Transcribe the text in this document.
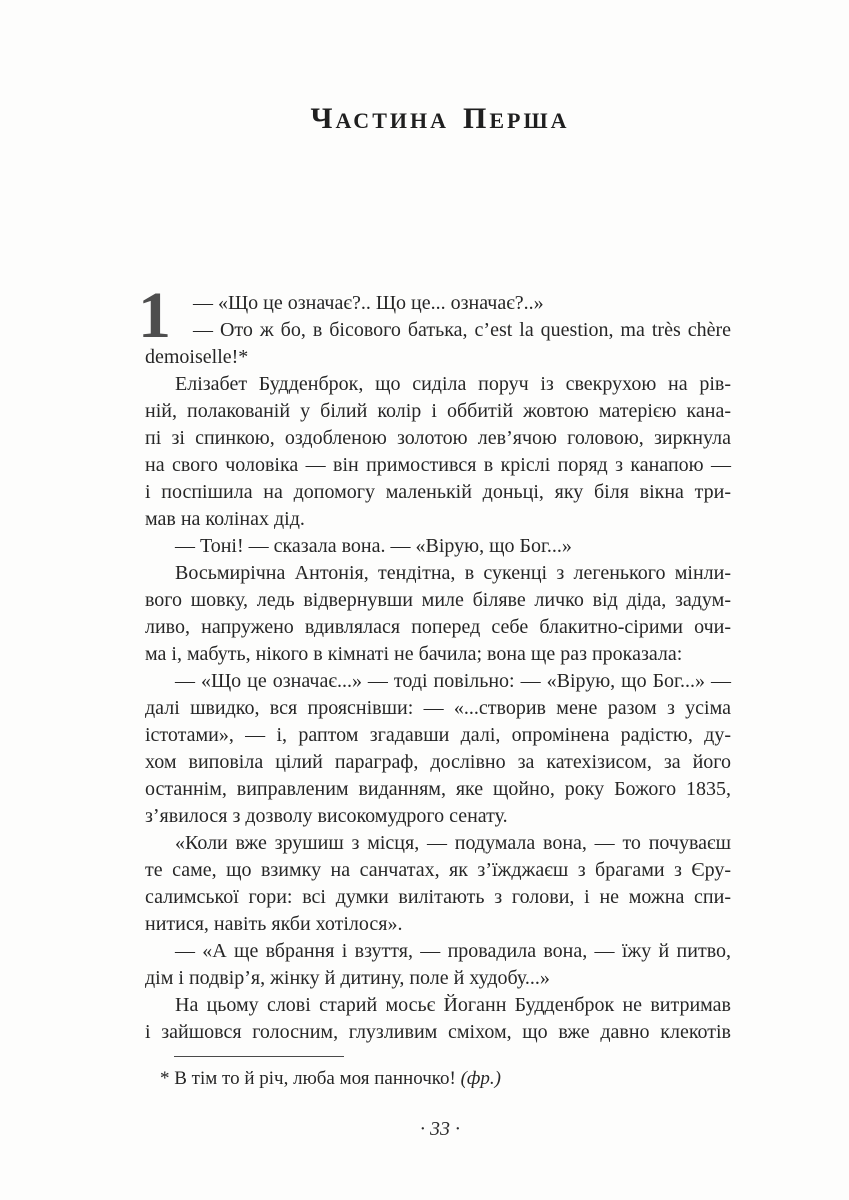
ЧАСТИНА ПЕРША
1	— «Що це означає?.. Що це... означає?..»
— Ото ж бо, в бісового батька, c’est la question, ma très chère
demoiselle!*
Елізабет Будденброк, що сиділа поруч із свекрухою на рів-
ній, полакованій у білий колір і оббитій жовтою матерією кана-
пі зі спинкою, оздобленою золотою лев’ячою головою, зиркнула
на свого чоловіка — він примостився в кріслі поряд з канапою —
і поспішила на допомогу маленькій доньці, яку біля вікна три-
мав на колінах дід.
— Тоні! — сказала вона. — «Вірую, що Бог...»
Восьмирічна Антонія, тендітна, в сукенці з легенького мінли-
вого шовку, ледь відвернувши миле біляве личко від діда, задум-
ливо, напружено вдивлялася поперед себе блакитно-сірими очи-
ма і, мабуть, нікого в кімнаті не бачила; вона ще раз проказала:
— «Що це означає...» — тоді повільно: — «Вірую, що Бог...» —
далі швидко, вся прояснівши: — «...створив мене разом з усіма
істотами», — і, раптом згадавши далі, опромінена радістю, ду-
хом виповіла цілий параграф, дослівно за катехізисом, за його
останнім, виправленим виданням, яке щойно, року Божого 1835,
з’явилося з дозволу високомудрого сенату.
«Коли вже зрушиш з місця, — подумала вона, — то почуваєш
те саме, що взимку на санчатах, як з’їжджаєш з брагами з Єру-
салимської гори: всі думки вилітають з голови, і не можна спи-
нитися, навіть якби хотілося».
— «А ще вбрання і взуття, — провадила вона, — їжу й питво,
дім і подвір’я, жінку й дитину, поле й худобу...»
На цьому слові старий мосьє Йоганн Будденброк не витримав
і зайшовся голосним, глузливим сміхом, що вже давно клекотів
* В тім то й річ, люба моя панночко! (фр.)
· 33 ·
